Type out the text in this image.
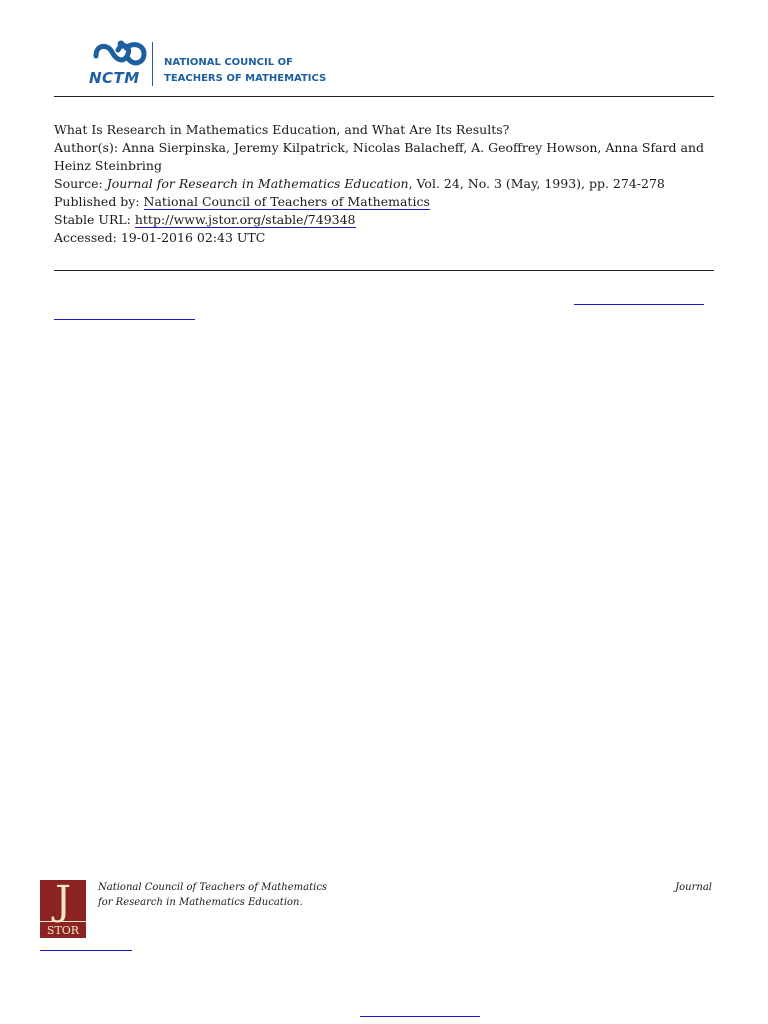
NCTM
NATIONAL COUNCIL OF
TEACHERS OF MATHEMATICS
What Is Research in Mathematics Education, and What Are Its Results?
Author(s): Anna Sierpinska, Jeremy Kilpatrick, Nicolas Balacheff, A. Geoffrey Howson, Anna Sfard and Heinz Steinbring
Source: Journal for Research in Mathematics Education, Vol. 24, No. 3 (May, 1993), pp. 274-278
Published by: National Council of Teachers of Mathematics
Stable URL: http://www.jstor.org/stable/749348
Accessed: 19-01-2016 02:43 UTC
J
STOR
National Council of Teachers of Mathematics
for Research in Mathematics Education.
Journal
